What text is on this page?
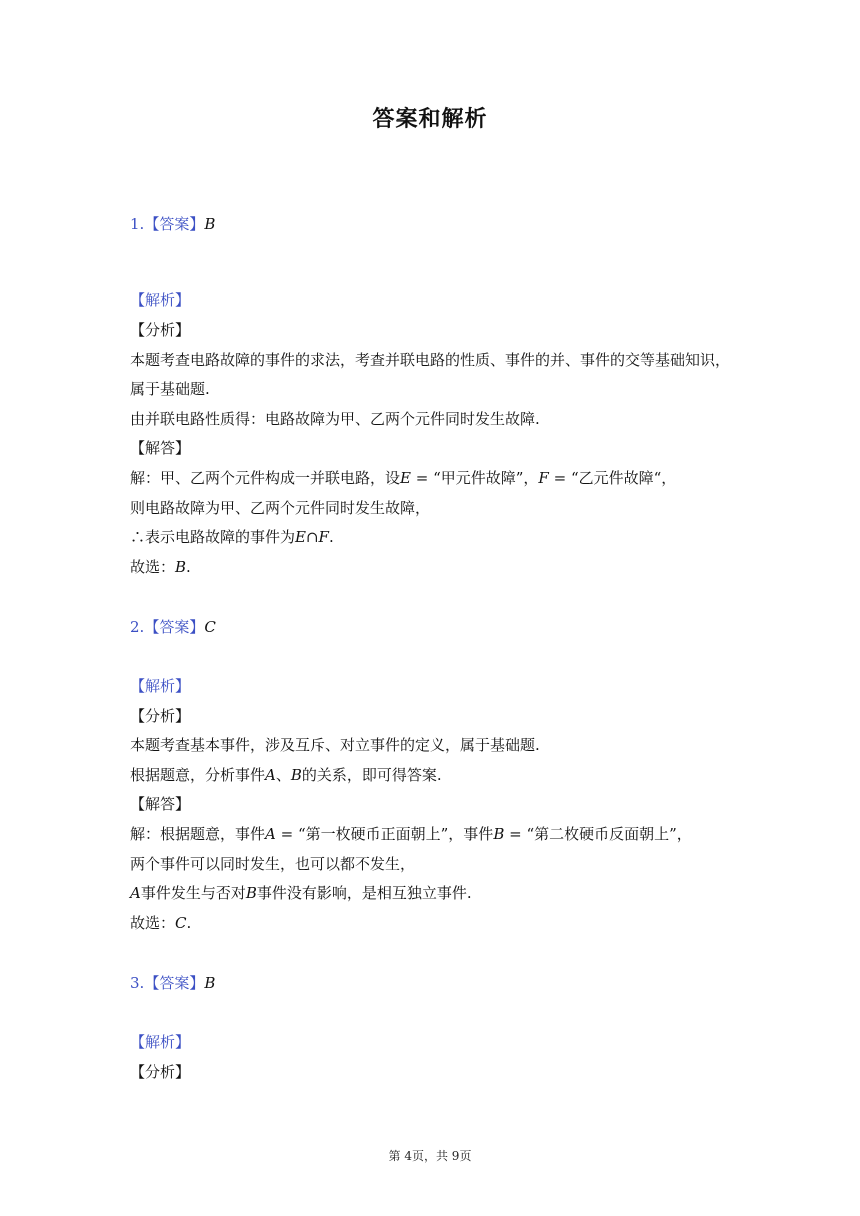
答案和解析
1.【答案】B
【解析】
【分析】
本题考查电路故障的事件的求法，考查并联电路的性质、事件的并、事件的交等基础知识，
属于基础题.
由并联电路性质得：电路故障为甲、乙两个元件同时发生故障.
【解答】
解：甲、乙两个元件构成一并联电路，设E = “甲元件故障”，F = “乙元件故障“，
则电路故障为甲、乙两个元件同时发生故障，
∴表示电路故障的事件为E∩F.
故选：B.
2.【答案】C
【解析】
【分析】
本题考查基本事件，涉及互斥、对立事件的定义，属于基础题.
根据题意，分析事件A、B的关系，即可得答案.
【解答】
解：根据题意，事件A = “第一枚硬币正面朝上”，事件B = “第二枚硬币反面朝上”，
两个事件可以同时发生，也可以都不发生，
A事件发生与否对B事件没有影响，是相互独立事件.
故选：C.
3.【答案】B
【解析】
【分析】
第 4页，共 9页
